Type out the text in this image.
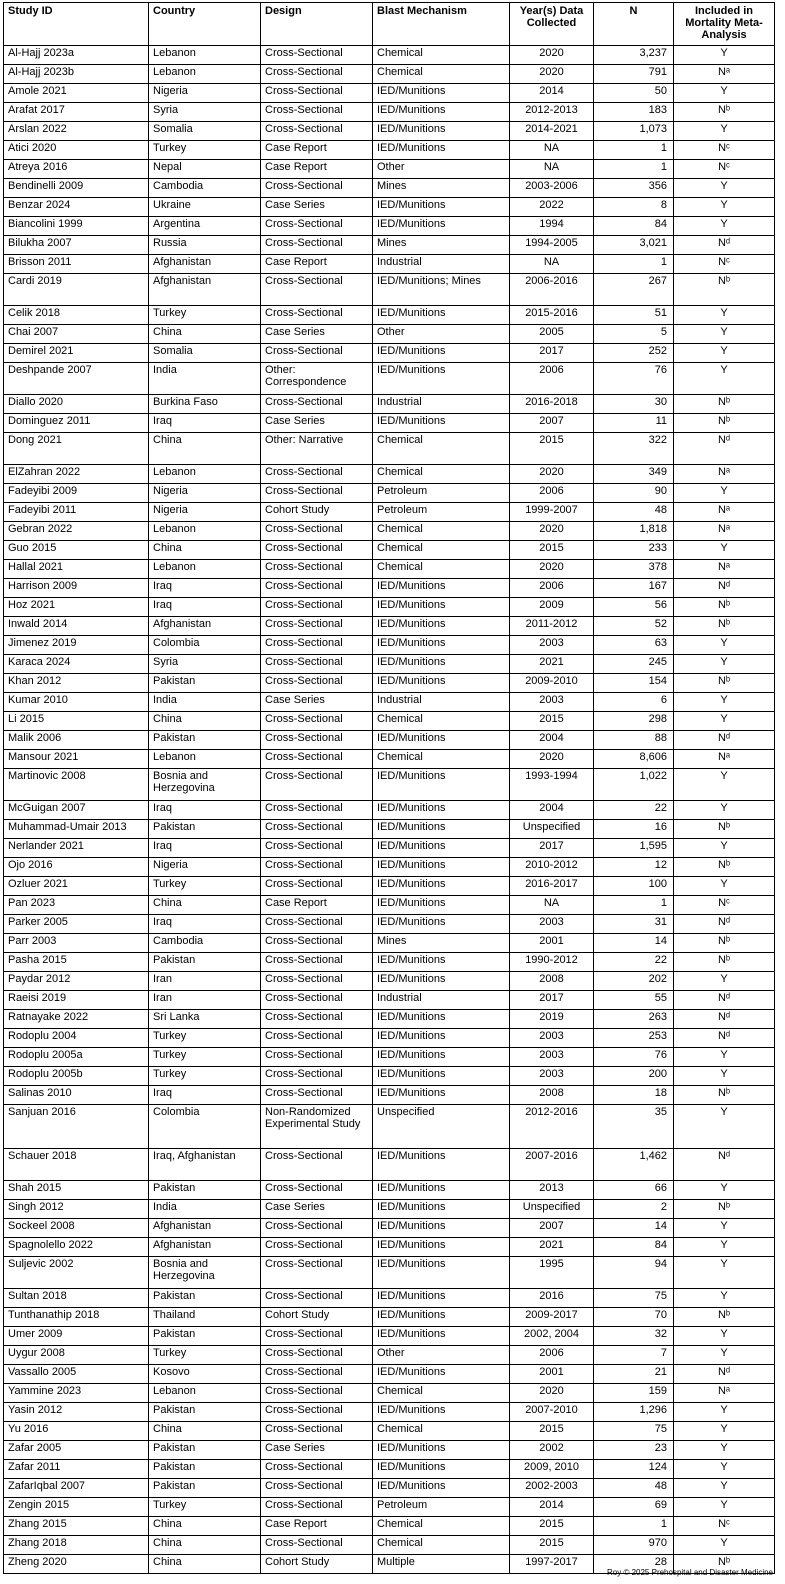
Study ID	Country	Design	Blast Mechanism	Year(s) Data Collected	N	Included in Mortality Meta-Analysis
Al-Hajj 2023a	Lebanon	Cross-Sectional	Chemical	2020	3,237	Y
Al-Hajj 2023b	Lebanon	Cross-Sectional	Chemical	2020	791	Nᵃ
Amole 2021	Nigeria	Cross-Sectional	IED/Munitions	2014	50	Y
Arafat 2017	Syria	Cross-Sectional	IED/Munitions	2012-2013	183	Nᵇ
Arslan 2022	Somalia	Cross-Sectional	IED/Munitions	2014-2021	1,073	Y
Atici 2020	Turkey	Case Report	IED/Munitions	NA	1	Nᶜ
Atreya 2016	Nepal	Case Report	Other	NA	1	Nᶜ
Bendinelli 2009	Cambodia	Cross-Sectional	Mines	2003-2006	356	Y
Benzar 2024	Ukraine	Case Series	IED/Munitions	2022	8	Y
Biancolini 1999	Argentina	Cross-Sectional	IED/Munitions	1994	84	Y
Bilukha 2007	Russia	Cross-Sectional	Mines	1994-2005	3,021	Nᵈ
Brisson 2011	Afghanistan	Case Report	Industrial	NA	1	Nᶜ
Cardi 2019	Afghanistan	Cross-Sectional	IED/Munitions; Mines	2006-2016	267	Nᵇ
Celik 2018	Turkey	Cross-Sectional	IED/Munitions	2015-2016	51	Y
Chai 2007	China	Case Series	Other	2005	5	Y
Demirel 2021	Somalia	Cross-Sectional	IED/Munitions	2017	252	Y
Deshpande 2007	India	Other: Correspondence	IED/Munitions	2006	76	Y
Diallo 2020	Burkina Faso	Cross-Sectional	Industrial	2016-2018	30	Nᵇ
Dominguez 2011	Iraq	Case Series	IED/Munitions	2007	11	Nᵇ
Dong 2021	China	Other: Narrative	Chemical	2015	322	Nᵈ
ElZahran 2022	Lebanon	Cross-Sectional	Chemical	2020	349	Nᵃ
Fadeyibi 2009	Nigeria	Cross-Sectional	Petroleum	2006	90	Y
Fadeyibi 2011	Nigeria	Cohort Study	Petroleum	1999-2007	48	Nᵃ
Gebran 2022	Lebanon	Cross-Sectional	Chemical	2020	1,818	Nᵃ
Guo 2015	China	Cross-Sectional	Chemical	2015	233	Y
Hallal 2021	Lebanon	Cross-Sectional	Chemical	2020	378	Nᵃ
Harrison 2009	Iraq	Cross-Sectional	IED/Munitions	2006	167	Nᵈ
Hoz 2021	Iraq	Cross-Sectional	IED/Munitions	2009	56	Nᵇ
Inwald 2014	Afghanistan	Cross-Sectional	IED/Munitions	2011-2012	52	Nᵇ
Jimenez 2019	Colombia	Cross-Sectional	IED/Munitions	2003	63	Y
Karaca 2024	Syria	Cross-Sectional	IED/Munitions	2021	245	Y
Khan 2012	Pakistan	Cross-Sectional	IED/Munitions	2009-2010	154	Nᵇ
Kumar 2010	India	Case Series	Industrial	2003	6	Y
Li 2015	China	Cross-Sectional	Chemical	2015	298	Y
Malik 2006	Pakistan	Cross-Sectional	IED/Munitions	2004	88	Nᵈ
Mansour 2021	Lebanon	Cross-Sectional	Chemical	2020	8,606	Nᵃ
Martinovic 2008	Bosnia and Herzegovina	Cross-Sectional	IED/Munitions	1993-1994	1,022	Y
McGuigan 2007	Iraq	Cross-Sectional	IED/Munitions	2004	22	Y
Muhammad-Umair 2013	Pakistan	Cross-Sectional	IED/Munitions	Unspecified	16	Nᵇ
Nerlander 2021	Iraq	Cross-Sectional	IED/Munitions	2017	1,595	Y
Ojo 2016	Nigeria	Cross-Sectional	IED/Munitions	2010-2012	12	Nᵇ
Ozluer 2021	Turkey	Cross-Sectional	IED/Munitions	2016-2017	100	Y
Pan 2023	China	Case Report	IED/Munitions	NA	1	Nᶜ
Parker 2005	Iraq	Cross-Sectional	IED/Munitions	2003	31	Nᵈ
Parr 2003	Cambodia	Cross-Sectional	Mines	2001	14	Nᵇ
Pasha 2015	Pakistan	Cross-Sectional	IED/Munitions	1990-2012	22	Nᵇ
Paydar 2012	Iran	Cross-Sectional	IED/Munitions	2008	202	Y
Raeisi 2019	Iran	Cross-Sectional	Industrial	2017	55	Nᵈ
Ratnayake 2022	Sri Lanka	Cross-Sectional	IED/Munitions	2019	263	Nᵈ
Rodoplu 2004	Turkey	Cross-Sectional	IED/Munitions	2003	253	Nᵈ
Rodoplu 2005a	Turkey	Cross-Sectional	IED/Munitions	2003	76	Y
Rodoplu 2005b	Turkey	Cross-Sectional	IED/Munitions	2003	200	Y
Salinas 2010	Iraq	Cross-Sectional	IED/Munitions	2008	18	Nᵇ
Sanjuan 2016	Colombia	Non-Randomized Experimental Study	Unspecified	2012-2016	35	Y
Schauer 2018	Iraq, Afghanistan	Cross-Sectional	IED/Munitions	2007-2016	1,462	Nᵈ
Shah 2015	Pakistan	Cross-Sectional	IED/Munitions	2013	66	Y
Singh 2012	India	Case Series	IED/Munitions	Unspecified	2	Nᵇ
Sockeel 2008	Afghanistan	Cross-Sectional	IED/Munitions	2007	14	Y
Spagnolello 2022	Afghanistan	Cross-Sectional	IED/Munitions	2021	84	Y
Suljevic 2002	Bosnia and Herzegovina	Cross-Sectional	IED/Munitions	1995	94	Y
Sultan 2018	Pakistan	Cross-Sectional	IED/Munitions	2016	75	Y
Tunthanathip 2018	Thailand	Cohort Study	IED/Munitions	2009-2017	70	Nᵇ
Umer 2009	Pakistan	Cross-Sectional	IED/Munitions	2002, 2004	32	Y
Uygur 2008	Turkey	Cross-Sectional	Other	2006	7	Y
Vassallo 2005	Kosovo	Cross-Sectional	IED/Munitions	2001	21	Nᵈ
Yammine 2023	Lebanon	Cross-Sectional	Chemical	2020	159	Nᵃ
Yasin 2012	Pakistan	Cross-Sectional	IED/Munitions	2007-2010	1,296	Y
Yu 2016	China	Cross-Sectional	Chemical	2015	75	Y
Zafar 2005	Pakistan	Case Series	IED/Munitions	2002	23	Y
Zafar 2011	Pakistan	Cross-Sectional	IED/Munitions	2009, 2010	124	Y
ZafarIqbal 2007	Pakistan	Cross-Sectional	IED/Munitions	2002-2003	48	Y
Zengin 2015	Turkey	Cross-Sectional	Petroleum	2014	69	Y
Zhang 2015	China	Case Report	Chemical	2015	1	Nᶜ
Zhang 2018	China	Cross-Sectional	Chemical	2015	970	Y
Zheng 2020	China	Cohort Study	Multiple	1997-2017	28	Nᵇ
Roy © 2025 Prehospital and Disaster Medicine
